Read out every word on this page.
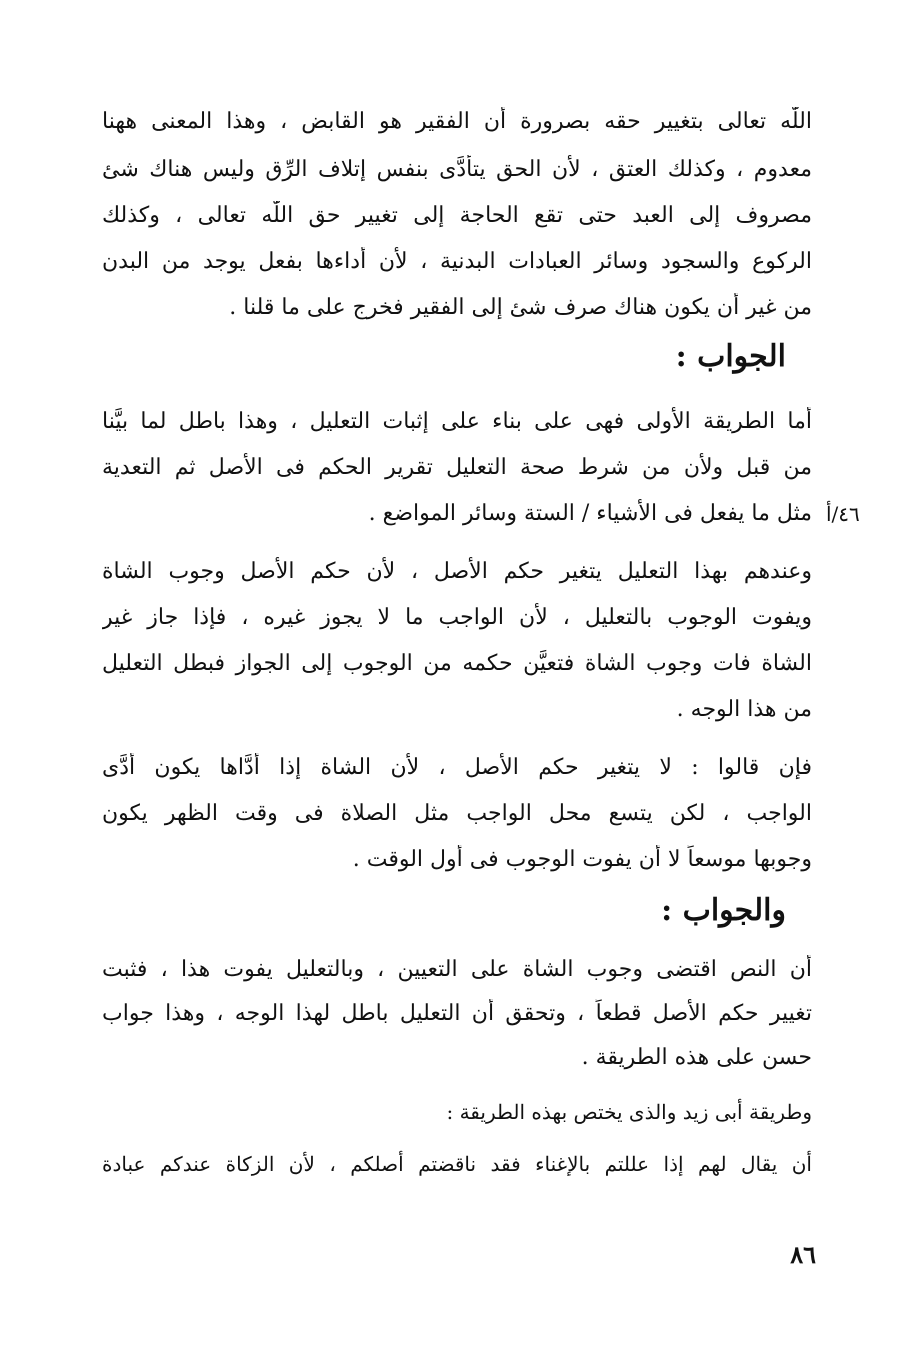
اللّٰه تعالى بتغيير حقه بصرورة أن الفقير هو القابض ، وهذا المعنى ههنا
معدوم ، وكذلك العتق ، لأن الحق يتأدَّى بنفس إتلاف الرِّق وليس هناك شئ
مصروف إلى العبد حتى تقع الحاجة إلى تغيير حق اللّٰه تعالى ، وكذلك
الركوع والسجود وسائر العبادات البدنية ، لأن أداءها بفعل يوجد من البدن
من غير أن يكون هناك صرف شئ إلى الفقير فخرج على ما قلنا .
الجواب :
أما الطريقة الأولى فهى على بناء على إثبات التعليل ، وهذا باطل لما بيَّنا
من قبل ولأن من شرط صحة التعليل تقرير الحكم فى الأصل ثم التعدية
مثل ما يفعل فى الأشياء / الستة وسائر المواضع . ٤٦/أ
وعندهم بهذا التعليل يتغير حكم الأصل ، لأن حكم الأصل وجوب الشاة
ويفوت الوجوب بالتعليل ، لأن الواجب ما لا يجوز غيره ، فإذا جاز غير
الشاة فات وجوب الشاة فتعيَّن حكمه من الوجوب إلى الجواز فبطل التعليل
من هذا الوجه .
فإن قالوا : لا يتغير حكم الأصل ، لأن الشاة إذا أدَّاها يكون أدَّى
الواجب ، لكن يتسع محل الواجب مثل الصلاة فى وقت الظهر يكون
وجوبها موسعاً لا أن يفوت الوجوب فى أول الوقت .
والجواب :
أن النص اقتضى وجوب الشاة على التعيين ، وبالتعليل يفوت هذا ، فثبت
تغيير حكم الأصل قطعاً ، وتحقق أن التعليل باطل لهذا الوجه ، وهذا جواب
حسن على هذه الطريقة .
وطريقة أبى زيد والذى يختص بهذه الطريقة :
أن يقال لهم إذا عللتم بالإغناء فقد ناقضتم أصلكم ، لأن الزكاة عندكم عبادة
٨٦
